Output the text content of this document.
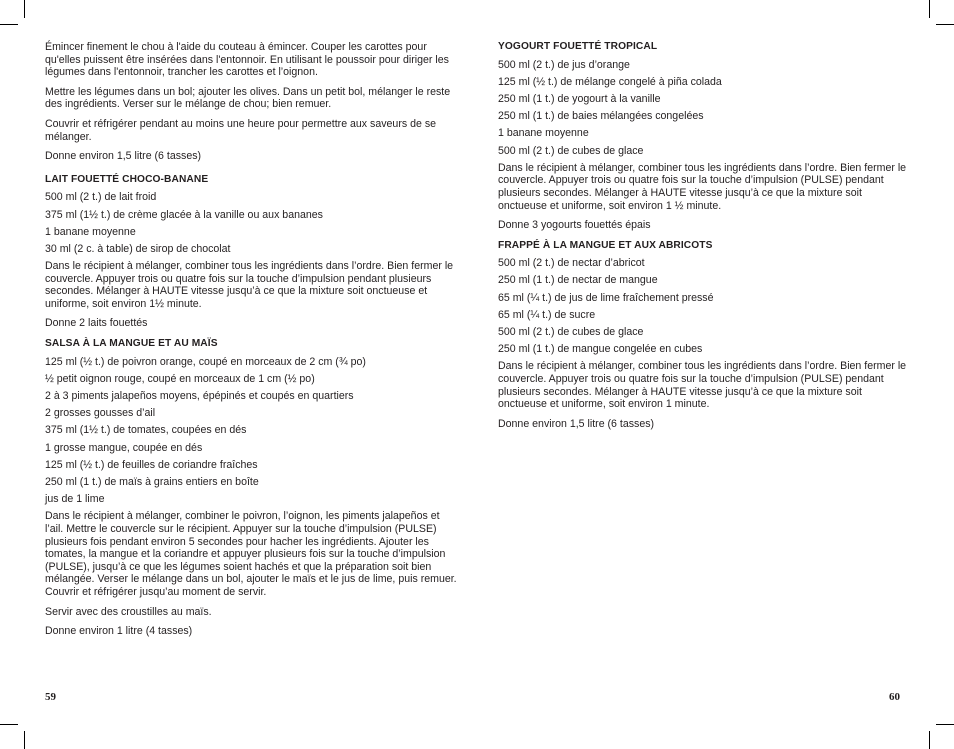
Émincer finement le chou à l'aide du couteau à émincer. Couper les carottes pour qu'elles puissent être insérées dans l'entonnoir. En utilisant le poussoir pour diriger les légumes dans l'entonnoir, trancher les carottes et l’oignon.

Mettre les légumes dans un bol; ajouter les olives. Dans un petit bol, mélanger le reste des ingrédients. Verser sur le mélange de chou; bien remuer.

Couvrir et réfrigérer pendant au moins une heure pour permettre aux saveurs de se mélanger.

Donne environ 1,5 litre (6 tasses)

LAIT FOUETTÉ CHOCO-BANANE

500 ml (2 t.) de lait froid

375 ml (1½ t.) de crème glacée à la vanille ou aux bananes

1 banane moyenne

30 ml (2 c. à table) de sirop de chocolat

Dans le récipient à mélanger, combiner tous les ingrédients dans l’ordre. Bien fermer le couvercle. Appuyer trois ou quatre fois sur la touche d’impulsion pendant plusieurs secondes. Mélanger à HAUTE vitesse jusqu’à ce que la mixture soit onctueuse et uniforme, soit environ 1½ minute.

Donne 2 laits fouettés

SALSA À LA MANGUE ET AU MAÏS

125 ml (½ t.) de poivron orange, coupé en morceaux de 2 cm (¾ po)

½ petit oignon rouge, coupé en morceaux de 1 cm (½ po)

2 à 3 piments jalapeños moyens, épépinés et coupés en quartiers

2 grosses gousses d’ail

375 ml (1½ t.) de tomates, coupées en dés

1 grosse mangue, coupée en dés

125 ml (½ t.) de feuilles de coriandre fraîches

250 ml (1 t.) de maïs à grains entiers en boîte

jus de 1 lime

Dans le récipient à mélanger, combiner le poivron, l’oignon, les piments jalapeños et l’ail. Mettre le couvercle sur le récipient. Appuyer sur la touche d’impulsion (PULSE) plusieurs fois pendant environ 5 secondes pour hacher les ingrédients. Ajouter les tomates, la mangue et la coriandre et appuyer plusieurs fois sur la touche d’impulsion (PULSE), jusqu’à ce que les légumes soient hachés et que la préparation soit bien mélangée. Verser le mélange dans un bol, ajouter le maïs et le jus de lime, puis remuer. Couvrir et réfrigérer jusqu’au moment de servir.

Servir avec des croustilles au maïs.

Donne environ 1 litre (4 tasses)

YOGOURT FOUETTÉ TROPICAL

500 ml (2 t.) de jus d’orange

125 ml (½ t.) de mélange congelé à piña colada

250 ml (1 t.) de yogourt à la vanille

250 ml (1 t.) de baies mélangées congelées

1 banane moyenne

500 ml (2 t.) de cubes de glace

Dans le récipient à mélanger, combiner tous les ingrédients dans l’ordre. Bien fermer le couvercle. Appuyer trois ou quatre fois sur la touche d’impulsion (PULSE) pendant plusieurs secondes. Mélanger à HAUTE vitesse jusqu’à ce que la mixture soit onctueuse et uniforme, soit environ 1 ½ minute.

Donne 3 yogourts fouettés épais

FRAPPÉ À LA MANGUE ET AUX ABRICOTS

500 ml (2 t.) de nectar d’abricot

250 ml (1 t.) de nectar de mangue

65 ml (¼ t.) de jus de lime fraîchement pressé

65 ml (¼ t.) de sucre

500 ml (2 t.) de cubes de glace

250 ml (1 t.) de mangue congelée en cubes

Dans le récipient à mélanger, combiner tous les ingrédients dans l’ordre. Bien fermer le couvercle. Appuyer trois ou quatre fois sur la touche d’impulsion (PULSE) pendant plusieurs secondes. Mélanger à HAUTE vitesse jusqu’à ce que la mixture soit onctueuse et uniforme, soit environ 1 minute.

Donne environ 1,5 litre (6 tasses)

59	60
